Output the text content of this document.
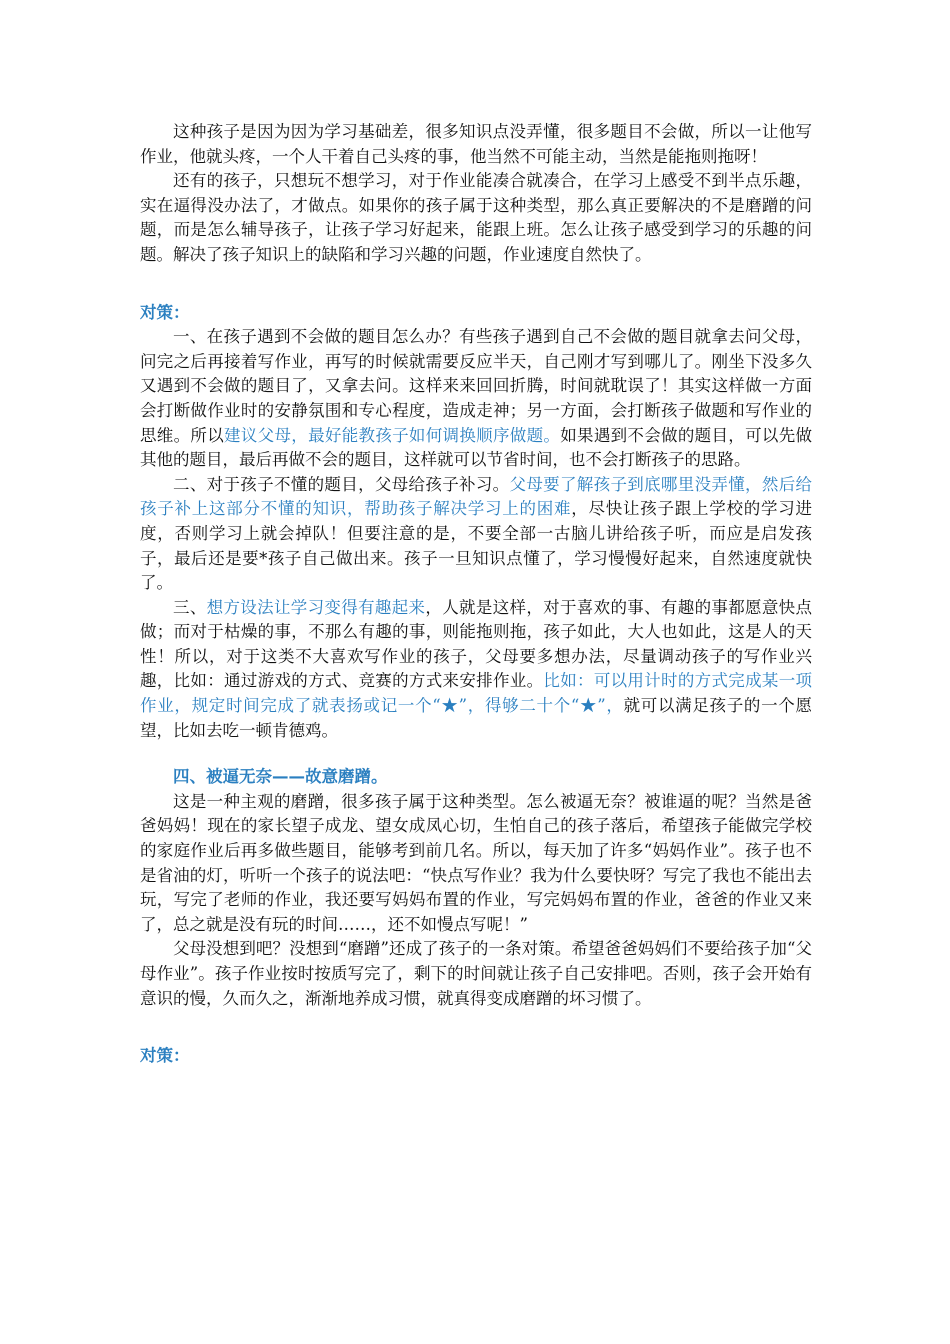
这种孩子是因为因为学习基础差，很多知识点没弄懂，很多题目不会做，所以一让他写作业，他就头疼，一个人干着自己头疼的事，他当然不可能主动，当然是能拖则拖呀！

还有的孩子，只想玩不想学习，对于作业能凑合就凑合，在学习上感受不到半点乐趣，实在逼得没办法了，才做点。如果你的孩子属于这种类型，那么真正要解决的不是磨蹭的问题，而是怎么辅导孩子，让孩子学习好起来，能跟上班。怎么让孩子感受到学习的乐趣的问题。解决了孩子知识上的缺陷和学习兴趣的问题，作业速度自然快了。

对策：

一、在孩子遇到不会做的题目怎么办？有些孩子遇到自己不会做的题目就拿去问父母，问完之后再接着写作业，再写的时候就需要反应半天，自己刚才写到哪儿了。刚坐下没多久又遇到不会做的题目了，又拿去问。这样来来回回折腾，时间就耽误了！其实这样做一方面会打断做作业时的安静氛围和专心程度，造成走神；另一方面，会打断孩子做题和写作业的思维。所以建议父母，最好能教孩子如何调换顺序做题。如果遇到不会做的题目，可以先做其他的题目，最后再做不会的题目，这样就可以节省时间，也不会打断孩子的思路。

二、对于孩子不懂的题目，父母给孩子补习。父母要了解孩子到底哪里没弄懂，然后给孩子补上这部分不懂的知识，帮助孩子解决学习上的困难，尽快让孩子跟上学校的学习进度，否则学习上就会掉队！但要注意的是，不要全部一古脑儿讲给孩子听，而应是启发孩子，最后还是要*孩子自己做出来。孩子一旦知识点懂了，学习慢慢好起来，自然速度就快了。

三、想方设法让学习变得有趣起来，人就是这样，对于喜欢的事、有趣的事都愿意快点做；而对于枯燥的事，不那么有趣的事，则能拖则拖，孩子如此，大人也如此，这是人的天性！所以，对于这类不大喜欢写作业的孩子，父母要多想办法，尽量调动孩子的写作业兴趣，比如：通过游戏的方式、竞赛的方式来安排作业。比如：可以用计时的方式完成某一项作业，规定时间完成了就表扬或记一个“★”，得够二十个“★”，就可以满足孩子的一个愿望，比如去吃一顿肯德鸡。

四、被逼无奈——故意磨蹭。

这是一种主观的磨蹭，很多孩子属于这种类型。怎么被逼无奈？被谁逼的呢？当然是爸爸妈妈！现在的家长望子成龙、望女成凤心切，生怕自己的孩子落后，希望孩子能做完学校的家庭作业后再多做些题目，能够考到前几名。所以，每天加了许多“妈妈作业”。孩子也不是省油的灯，听听一个孩子的说法吧：“快点写作业？我为什么要快呀？写完了我也不能出去玩，写完了老师的作业，我还要写妈妈布置的作业，写完妈妈布置的作业，爸爸的作业又来了，总之就是没有玩的时间……，还不如慢点写呢！”

父母没想到吧？没想到“磨蹭”还成了孩子的一条对策。希望爸爸妈妈们不要给孩子加“父母作业”。孩子作业按时按质写完了，剩下的时间就让孩子自己安排吧。否则，孩子会开始有意识的慢，久而久之，渐渐地养成习惯，就真得变成磨蹭的坏习惯了。

对策：
